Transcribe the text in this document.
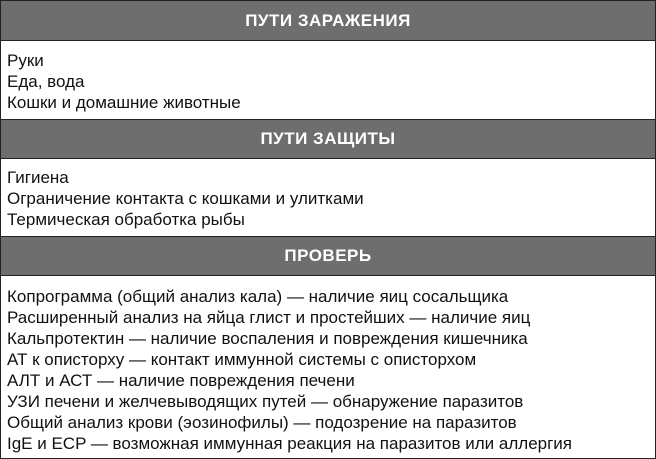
ПУТИ ЗАРАЖЕНИЯ
Руки
Еда, вода
Кошки и домашние животные
ПУТИ ЗАЩИТЫ
Гигиена
Ограничение контакта с кошками и улитками
Термическая обработка рыбы
ПРОВЕРЬ
Копрограмма (общий анализ кала) — наличие яиц сосальщика
Расширенный анализ на яйца глист и простейших — наличие яиц
Кальпротектин — наличие воспаления и повреждения кишечника
АТ к описторху — контакт иммунной системы с описторхом
АЛТ и АСТ — наличие повреждения печени
УЗИ печени и желчевыводящих путей — обнаружение паразитов
Общий анализ крови (эозинофилы) — подозрение на паразитов
IgE и ECP — возможная иммунная реакция на паразитов или аллергия
